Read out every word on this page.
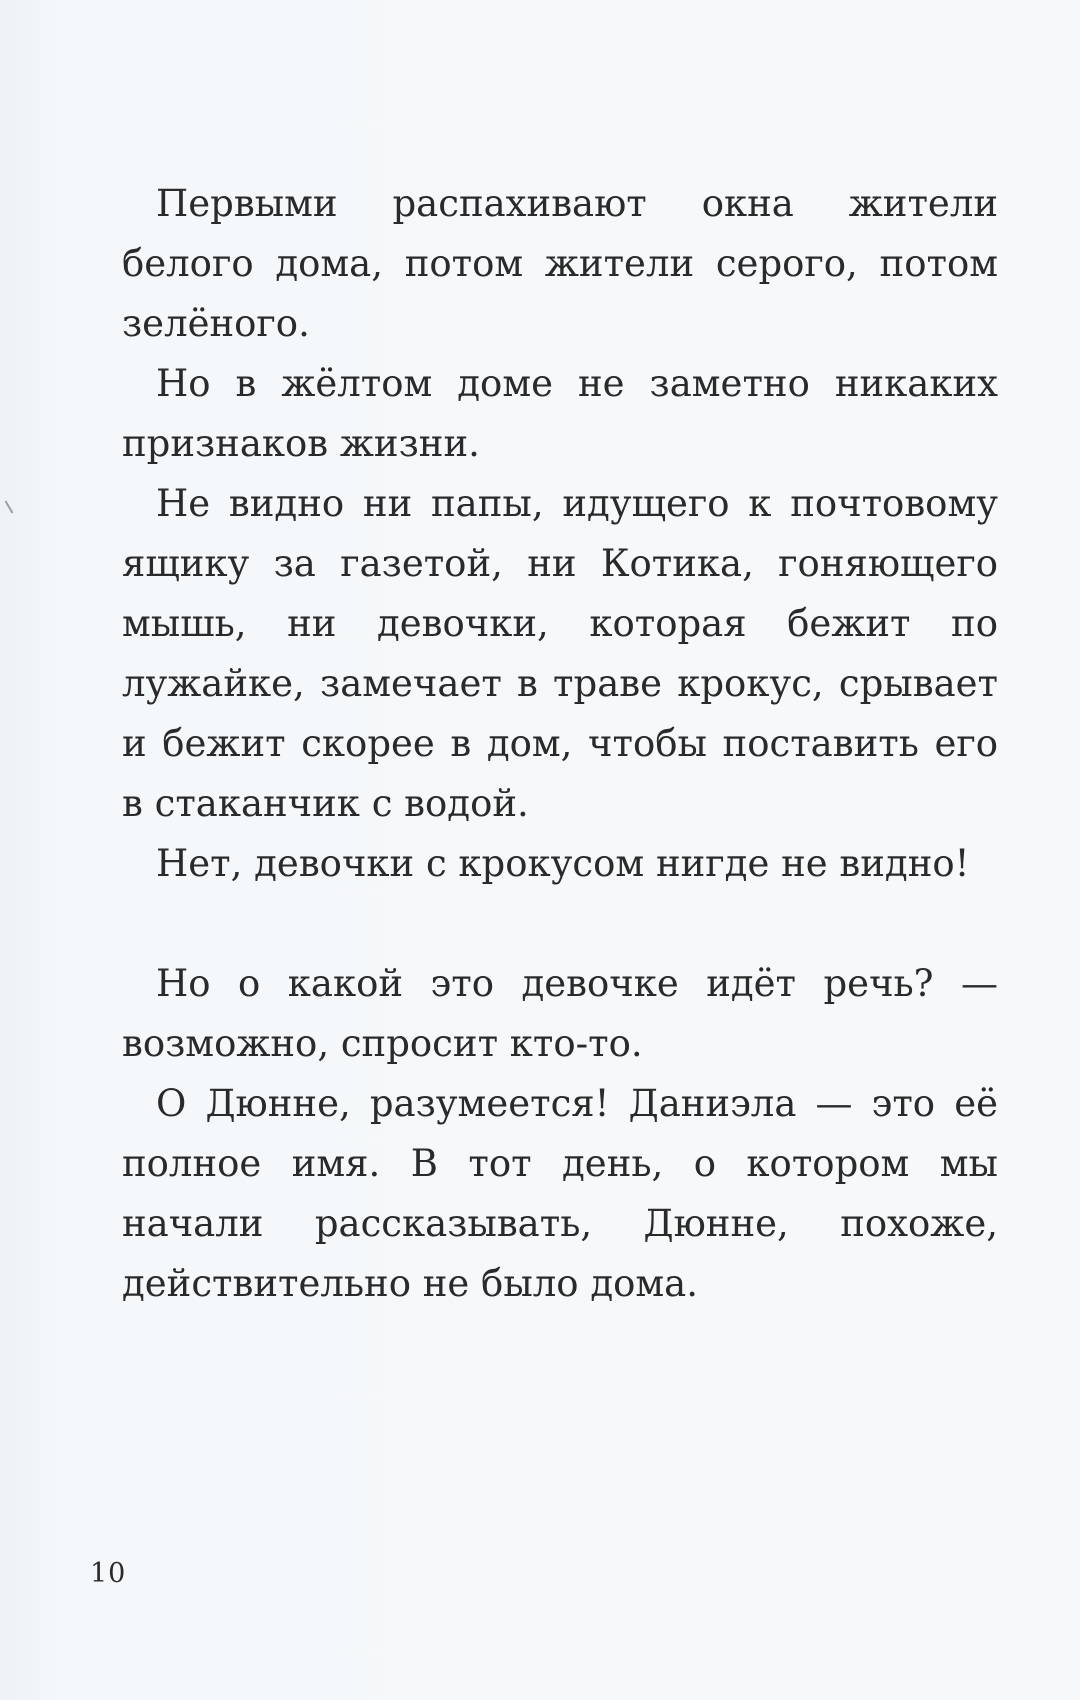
Первыми распахивают окна жители белого дома, потом жители серого, потом зелёного.

Но в жёлтом доме не заметно никаких признаков жизни.

Не видно ни папы, идущего к почтовому ящику за газетой, ни Котика, гоняющего мышь, ни девочки, которая бежит по лужайке, замечает в траве крокус, срывает и бежит скорее в дом, чтобы поставить его в стаканчик с водой.

Нет, девочки с крокусом нигде не видно!

Но о какой это девочке идёт речь? — возможно, спросит кто-то.

О Дюнне, разумеется! Даниэла — это её полное имя. В тот день, о котором мы начали рассказывать, Дюнне, похоже, действительно не было дома.

10
